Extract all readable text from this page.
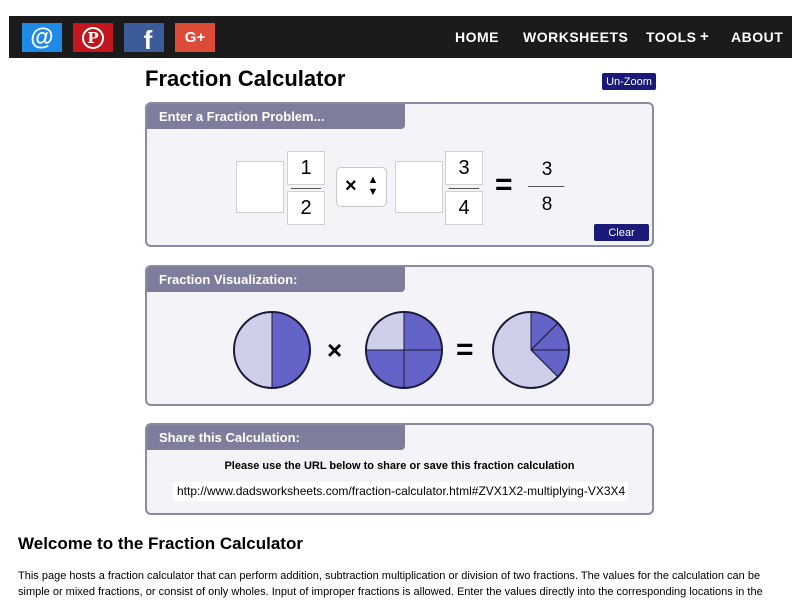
@	P f G+	HOME WORKSHEETS TOOLS + ABOUT
Fraction Calculator	Un-Zoom
Enter a Fraction Problem...
1
2
× ▲▼
3
4
= 3
8
Clear
Fraction Visualization:
×	=
Share this Calculation:
Please use the URL below to share or save this fraction calculation
http://www.dadsworksheets.com/fraction-calculator.html#ZVX1X2-multiplying-VX3X4
Welcome to the Fraction Calculator
This page hosts a fraction calculator that can perform addition, subtraction multiplication or division of two fractions. The values for the calculation can be simple or mixed fractions, or consist of only wholes. Input of improper fractions is allowed. Enter the values directly into the corresponding locations in the
